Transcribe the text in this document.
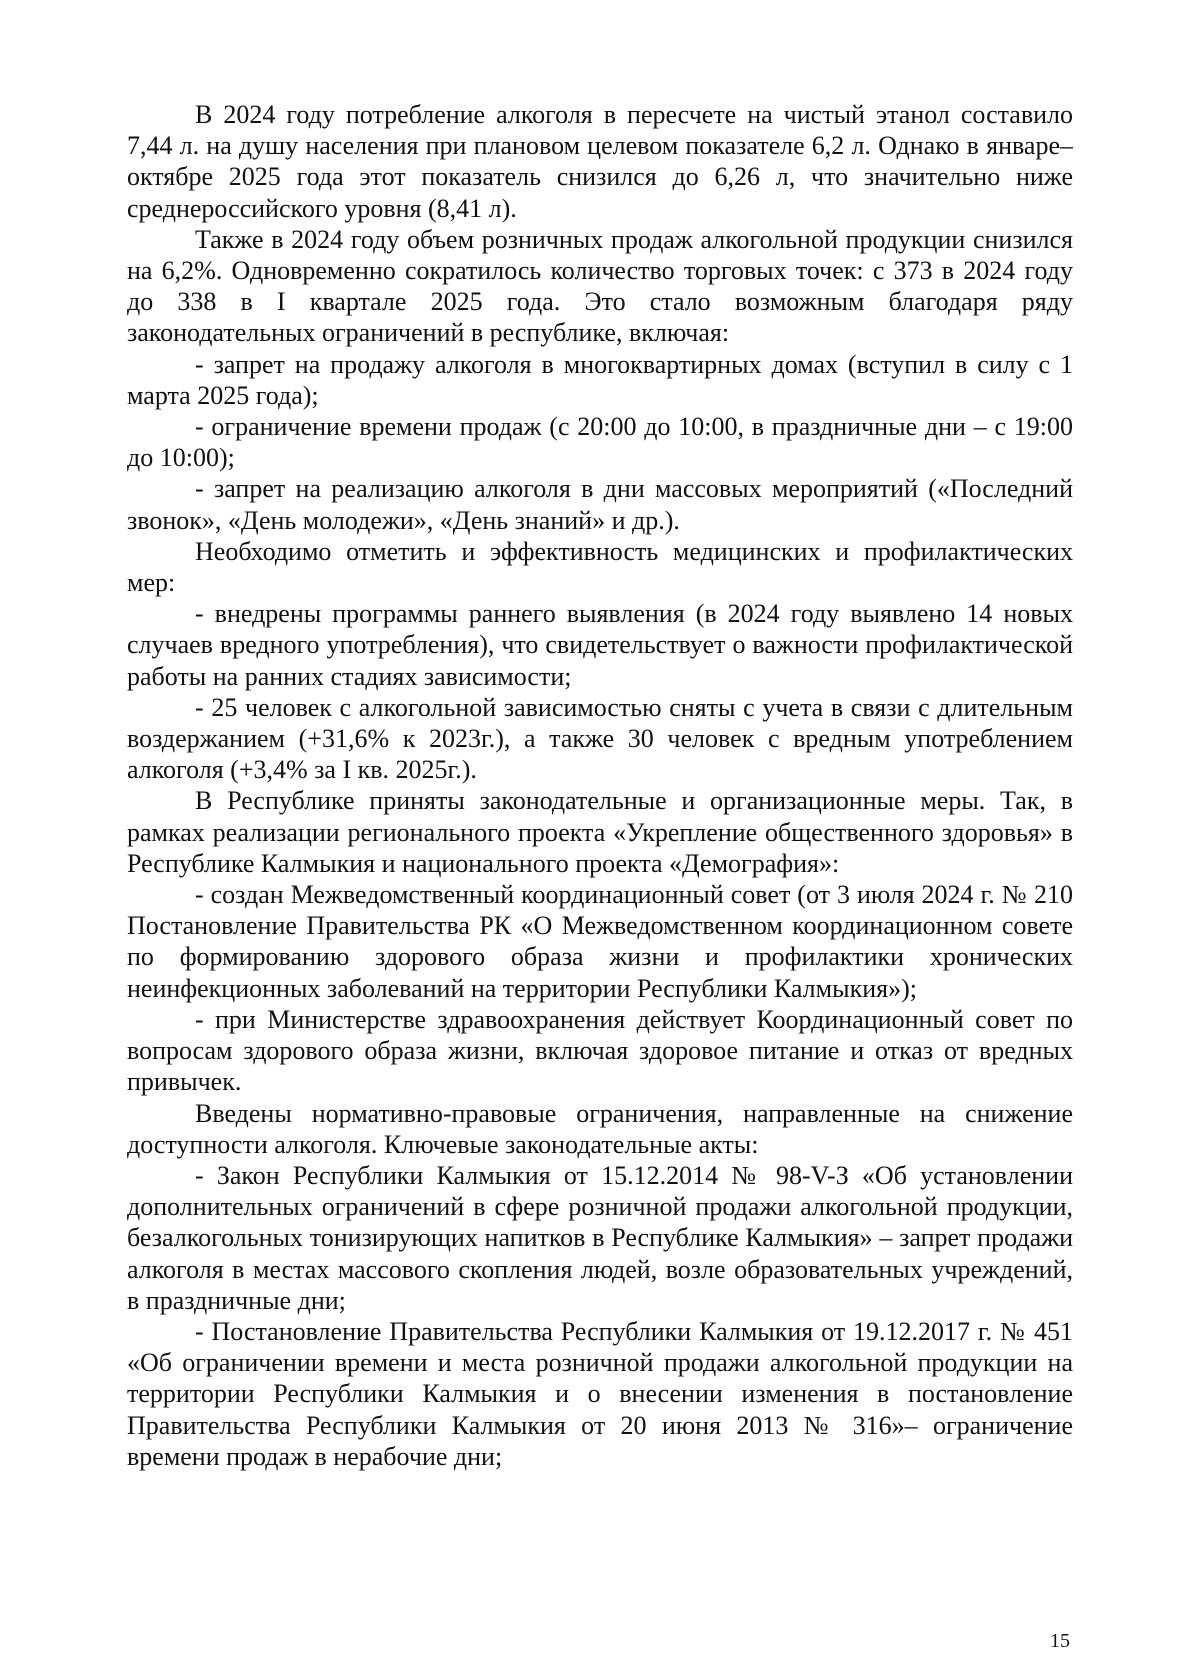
В 2024 году потребление алкоголя в пересчете на чистый этанол составило 7,44 л. на душу населения при плановом целевом показателе 6,2 л. Однако в январе–октябре 2025 года этот показатель снизился до 6,26 л, что значительно ниже среднероссийского уровня (8,41 л).

Также в 2024 году объем розничных продаж алкогольной продукции снизился на 6,2%. Одновременно сократилось количество торговых точек: с 373 в 2024 году до 338 в I квартале 2025 года. Это стало возможным благодаря ряду законодательных ограничений в республике, включая:

- запрет на продажу алкоголя в многоквартирных домах (вступил в силу с 1 марта 2025 года);

- ограничение времени продаж (с 20:00 до 10:00, в праздничные дни – с 19:00 до 10:00);

- запрет на реализацию алкоголя в дни массовых мероприятий («Последний звонок», «День молодежи», «День знаний» и др.).

Необходимо отметить и эффективность медицинских и профилактических мер:

- внедрены программы раннего выявления (в 2024 году выявлено 14 новых случаев вредного употребления), что свидетельствует о важности профилактической работы на ранних стадиях зависимости;

- 25 человек с алкогольной зависимостью сняты с учета в связи с длительным воздержанием (+31,6% к 2023г.), а также 30 человек с вредным употреблением алкоголя (+3,4% за I кв. 2025г.).

В Республике приняты законодательные и организационные меры. Так, в рамках реализации регионального проекта «Укрепление общественного здоровья» в Республике Калмыкия и национального проекта «Демография»:

- создан Межведомственный координационный совет (от 3 июля 2024 г. № 210 Постановление Правительства РК «О Межведомственном координационном совете по формированию здорового образа жизни и профилактики хронических неинфекционных заболеваний на территории Республики Калмыкия»);

- при Министерстве здравоохранения действует Координационный совет по вопросам здорового образа жизни, включая здоровое питание и отказ от вредных привычек.

Введены нормативно-правовые ограничения, направленные на снижение доступности алкоголя. Ключевые законодательные акты:

- Закон Республики Калмыкия от 15.12.2014 № 98-V-З «Об установлении дополнительных ограничений в сфере розничной продажи алкогольной продукции, безалкогольных тонизирующих напитков в Республике Калмыкия» – запрет продажи алкоголя в местах массового скопления людей, возле образовательных учреждений, в праздничные дни;

- Постановление Правительства Республики Калмыкия от 19.12.2017 г. № 451 «Об ограничении времени и места розничной продажи алкогольной продукции на территории Республики Калмыкия и о внесении изменения в постановление Правительства Республики Калмыкия от 20 июня 2013 № 316»– ограничение времени продаж в нерабочие дни;

15
